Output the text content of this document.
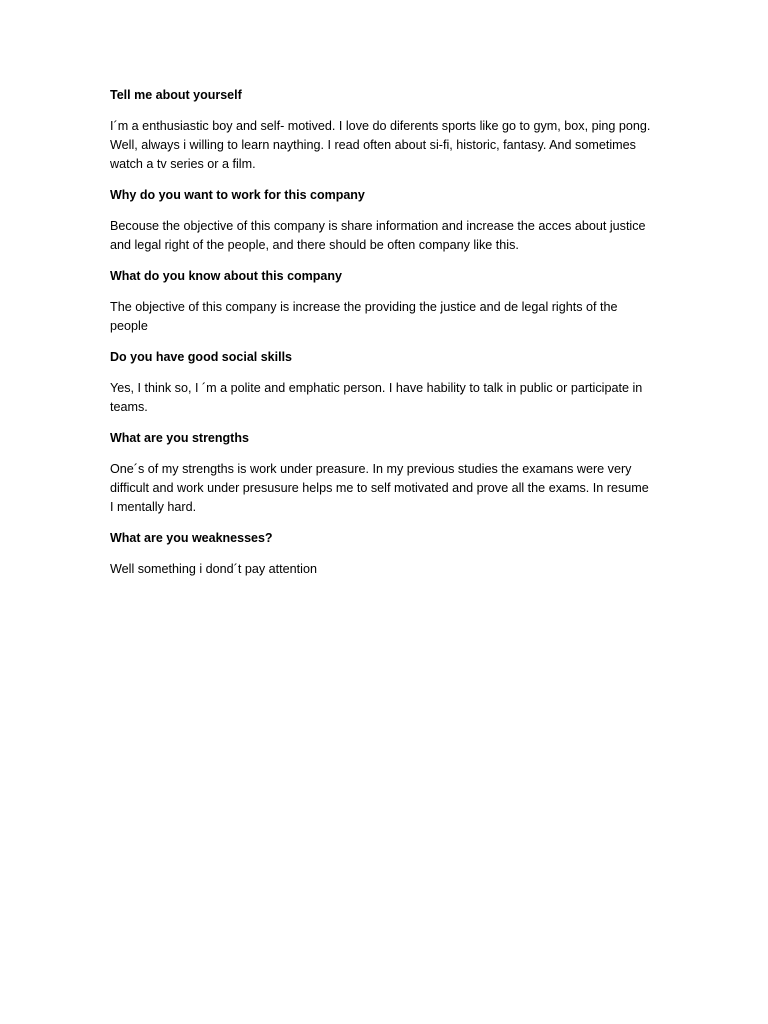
Tell me about yourself

I´m a enthusiastic boy and self- motived. I love do diferents sports like go to gym, box, ping pong. Well, always i willing to learn naything. I read often about si-fi, historic, fantasy. And sometimes watch a tv series or a film.

Why do you want to work for this company

Becouse the objective of this company is share information and increase the acces about justice and legal right of the people, and there should be often company like this.

What do you know about this company

The objective of this company is increase the providing the justice and de legal rights of the people

Do you have good social skills

Yes, I think so, I ´m a polite and emphatic person. I have hability to talk in public or participate in teams.

What are you strengths

One´s of my strengths is work under preasure. In my previous studies the examans were very difficult and work under presusure helps me to self motivated and prove all the exams. In resume I mentally hard.

What are you weaknesses?

Well something i dond´t pay attention
